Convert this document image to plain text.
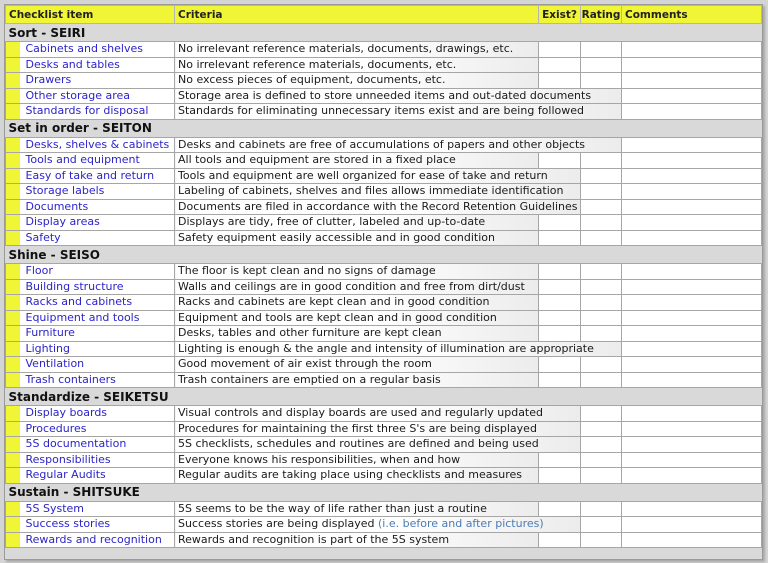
Checklist item		Criteria	Exist?	Rating	Comments
Sort - SEIRI					
	Cabinets and shelves	No irrelevant reference materials, documents, drawings, etc.			
	Desks and tables	No irrelevant reference materials, documents, etc.			
	Drawers	No excess pieces of equipment, documents, etc.			
	Other storage area	Storage area is defined to store unneeded items and out-dated documents			
	Standards for disposal	Standards for eliminating unnecessary items exist and are being followed			
Set in order - SEITON					
	Desks, shelves & cabinets	Desks and cabinets are free of accumulations of papers and other objects			
	Tools and equipment	All tools and equipment are stored in a fixed place			
	Easy of take and return	Tools and equipment are well organized for ease of take and return			
	Storage labels	Labeling of cabinets, shelves and files allows immediate identification			
	Documents	Documents are filed in accordance with the Record Retention Guidelines			
	Display areas	Displays are tidy, free of clutter, labeled and up-to-date			
	Safety	Safety equipment easily accessible and in good condition			
Shine - SEISO					
	Floor	The floor is kept clean and no signs of damage			
	Building structure	Walls and ceilings are in good condition and free from dirt/dust			
	Racks and cabinets	Racks and cabinets are kept clean and in good condition			
	Equipment and tools	Equipment and tools are kept clean and in good condition			
	Furniture	Desks, tables and other furniture are kept clean			
	Lighting	Lighting is enough & the angle and intensity of illumination are appropriate			
	Ventilation	Good movement of air exist through the room			
	Trash containers	Trash containers are emptied on a regular basis			
Standardize - SEIKETSU					
	Display boards	Visual controls and display boards are used and regularly updated			
	Procedures	Procedures for maintaining the first three S's are being displayed			
	5S documentation	5S checklists, schedules and routines are defined and being used			
	Responsibilities	Everyone knows his responsibilities, when and how			
	Regular Audits	Regular audits are taking place using checklists and measures			
Sustain - SHITSUKE					
	5S System	5S seems to be the way of life rather than just a routine			
	Success stories	Success stories are being displayed (i.e. before and after pictures)			
	Rewards and recognition	Rewards and recognition is part of the 5S system			
